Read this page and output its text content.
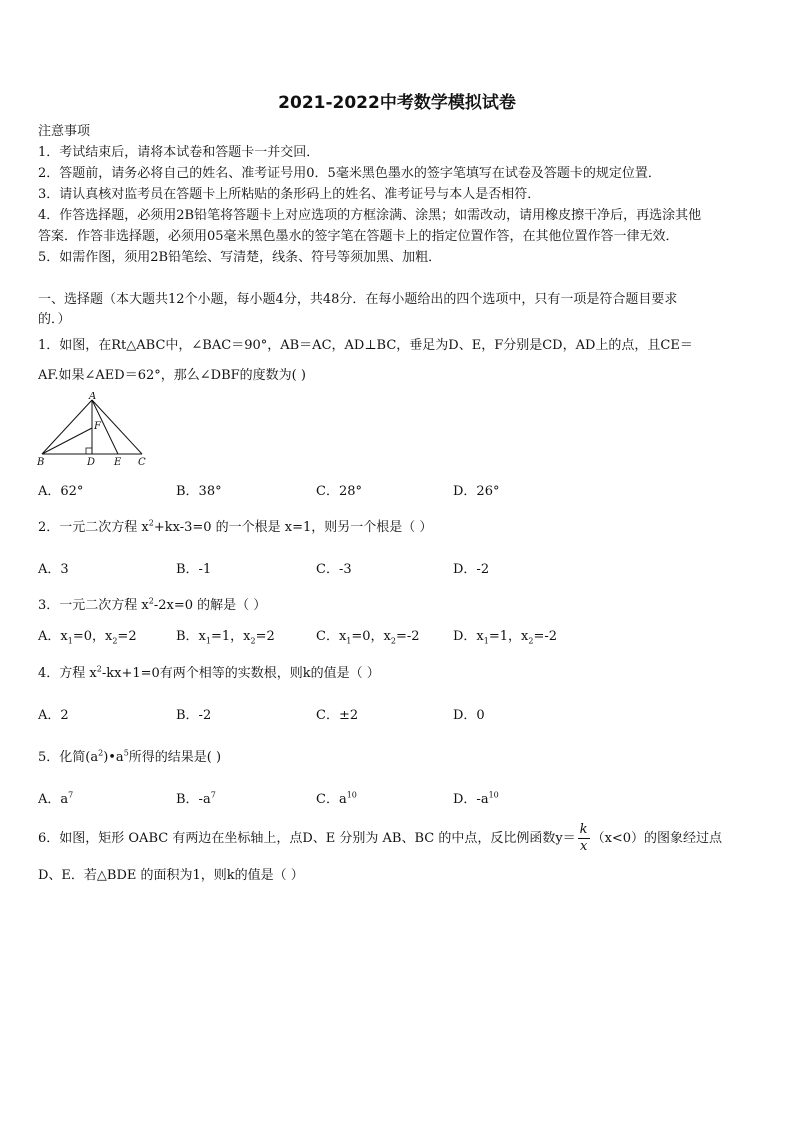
2021-2022中考数学模拟试卷
注意事项
1．考试结束后，请将本试卷和答题卡一并交回．
2．答题前，请务必将自己的姓名、准考证号用0．5毫米黑色墨水的签字笔填写在试卷及答题卡的规定位置．
3．请认真核对监考员在答题卡上所粘贴的条形码上的姓名、准考证号与本人是否相符．
4．作答选择题，必须用2B铅笔将答题卡上对应选项的方框涂满、涂黑；如需改动，请用橡皮擦干净后，再选涂其他
答案．作答非选择题，必须用05毫米黑色墨水的签字笔在答题卡上的指定位置作答，在其他位置作答一律无效．
5．如需作图，须用2B铅笔绘、写清楚，线条、符号等须加黑、加粗．
一、选择题（本大题共12个小题，每小题4分，共48分．在每小题给出的四个选项中，只有一项是符合题目要求
的．）
1．如图，在Rt△ABC中，∠BAC＝90°，AB＝AC，AD⊥BC，垂足为D、E，F分别是CD，AD上的点，且CE＝
AF.如果∠AED＝62°，那么∠DBF的度数为( )
A
B	D E C
F
A．62°	B．38°	C．28°	D．26°
2．一元二次方程 $x^2+kx-3=0$ 的一个根是 x=1，则另一个根是（ ）
A．3	B．-1	C．-3	D．-2
3．一元二次方程 $x^2-2x=0$ 的解是（ ）
A．$x_1=0$，$x_2=2$	B．$x_1=1$，$x_2=2$	C．$x_1=0$，$x_2=-2$	D．$x_1=1$，$x_2=-2$
4．方程 $x^2-kx+1=0$有两个相等的实数根，则k的值是（ ）
A．2	B．-2	C．±2	D．0
5．化简$(a^2)•a^5$所得的结果是( )
A．$a^7$	B．$-a^7$	C．$a^{10}$	D．$-a^{10}$
6．如图，矩形 OABC 有两边在坐标轴上，点D、E 分别为 AB、BC 的中点，反比例函数$y= \frac{k}{x} (x<0)$的图象经过点
D、E．若△BDE 的面积为1，则k的值是（ ）
